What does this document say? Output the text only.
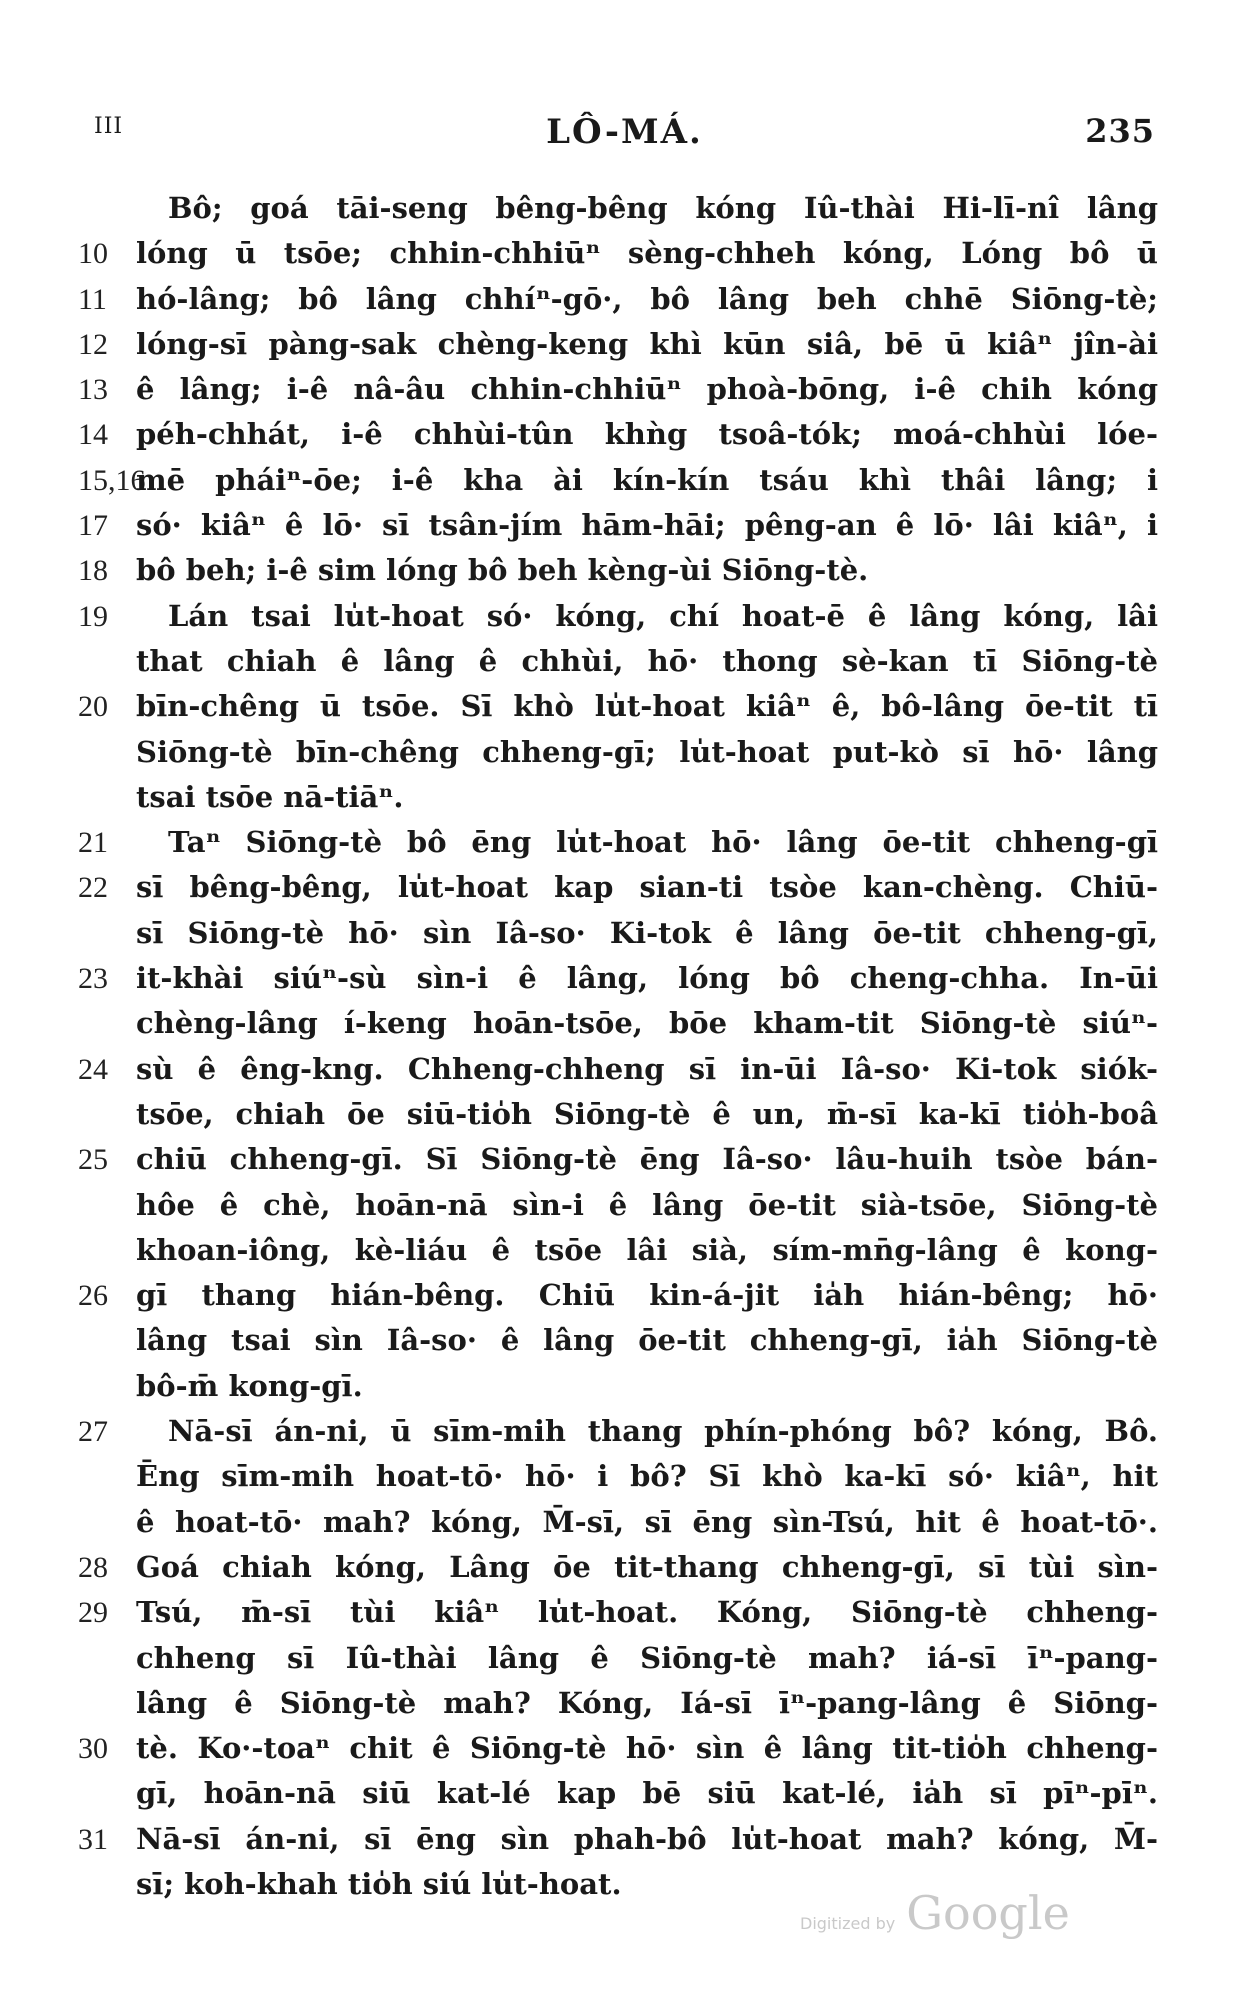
III	LÔ-MÁ.	235
Bô; goá tāi-seng bêng-bêng kóng Iû-thài Hi-lī-nî lâng
10 lóng ū tsōe; chhin-chhiūⁿ sèng-chheh kóng, Lóng bô ū
11	hó-lâng; bô lâng chhíⁿ-gō·, bô lâng beh chhē Siōng-tè;
12 lóng-sī pàng-sak chèng-keng khì kūn siâ, bē ū kiâⁿ jîn-ài
13 ê lâng; i-ê nâ-âu chhin-chhiūⁿ phoà-bōng, i-ê chih kóng
14 péh-chhát, i-ê chhùi-tûn khǹg tsoâ-tók; moá-chhùi lóe-
15,16
mē pháiⁿ-ōe; i-ê kha ài kín-kín tsáu khì thâi lâng; i
17 só· kiâⁿ ê lō· sī tsân-jím hām-hāi; pêng-an ê lō· lâi kiâⁿ, i
18 bô beh; i-ê sim lóng bô beh kèng-ùi Siōng-tè.
19	Lán tsai lu̍t-hoat só· kóng, chí hoat-ē ê lâng kóng, lâi
that chiah ê lâng ê chhùi, hō· thong sè-kan tī Siōng-tè
20 bīn-chêng ū tsōe. Sī khò lu̍t-hoat kiâⁿ ê, bô-lâng ōe-tit tī
Siōng-tè bīn-chêng chheng-gī; lu̍t-hoat put-kò sī hō· lâng
tsai tsōe nā-tiāⁿ.
21	Taⁿ Siōng-tè bô ēng lu̍t-hoat hō· lâng ōe-tit chheng-gī
22 sī bêng-bêng, lu̍t-hoat kap sian-ti tsòe kan-chèng. Chiū-
sī Siōng-tè hō· sìn Iâ-so· Ki-tok ê lâng ōe-tit chheng-gī,
23 it-khài siúⁿ-sù sìn-i ê lâng, lóng bô cheng-chha. In-ūi
chèng-lâng í-keng hoān-tsōe, bōe kham-tit Siōng-tè siúⁿ-
24 sù ê êng-kng. Chheng-chheng sī in-ūi Iâ-so· Ki-tok siók-
tsōe, chiah ōe siū-tio̍h Siōng-tè ê un, m̄-sī ka-kī tio̍h-boâ
25 chiū chheng-gī. Sī Siōng-tè ēng Iâ-so· lâu-huih tsòe bán-
hôe ê chè, hoān-nā sìn-i ê lâng ōe-tit sià-tsōe, Siōng-tè
khoan-iông, kè-liáu ê tsōe lâi sià, sím-mn̄g-lâng ê kong-
26 gī thang hián-bêng. Chiū kin-á-jit ia̍h hián-bêng; hō·
lâng tsai sìn Iâ-so· ê lâng ōe-tit chheng-gī, ia̍h Siōng-tè
bô-m̄ kong-gī.
27	Nā-sī án-ni, ū sīm-mih thang phín-phóng bô? kóng, Bô.
Ēng sīm-mih hoat-tō· hō· i bô? Sī khò ka-kī só· kiâⁿ, hit
ê hoat-tō· mah? kóng, M̄-sī, sī ēng sìn-Tsú, hit ê hoat-tō·.
28 Goá chiah kóng, Lâng ōe tit-thang chheng-gī, sī tùi sìn-
29 Tsú, m̄-sī tùi kiâⁿ lu̍t-hoat. Kóng, Siōng-tè chheng-
chheng sī Iû-thài lâng ê Siōng-tè mah? iá-sī īⁿ-pang-
lâng ê Siōng-tè mah? Kóng, Iá-sī īⁿ-pang-lâng ê Siōng-
30 tè. Ko·-toaⁿ chit ê Siōng-tè hō· sìn ê lâng tit-tio̍h chheng-
gī, hoān-nā siū kat-lé kap bē siū kat-lé, ia̍h sī pīⁿ-pīⁿ.
31 Nā-sī án-ni, sī ēng sìn phah-bô lu̍t-hoat mah? kóng, M̄-
sī; koh-khah tio̍h siú lu̍t-hoat.
Digitized by Google
